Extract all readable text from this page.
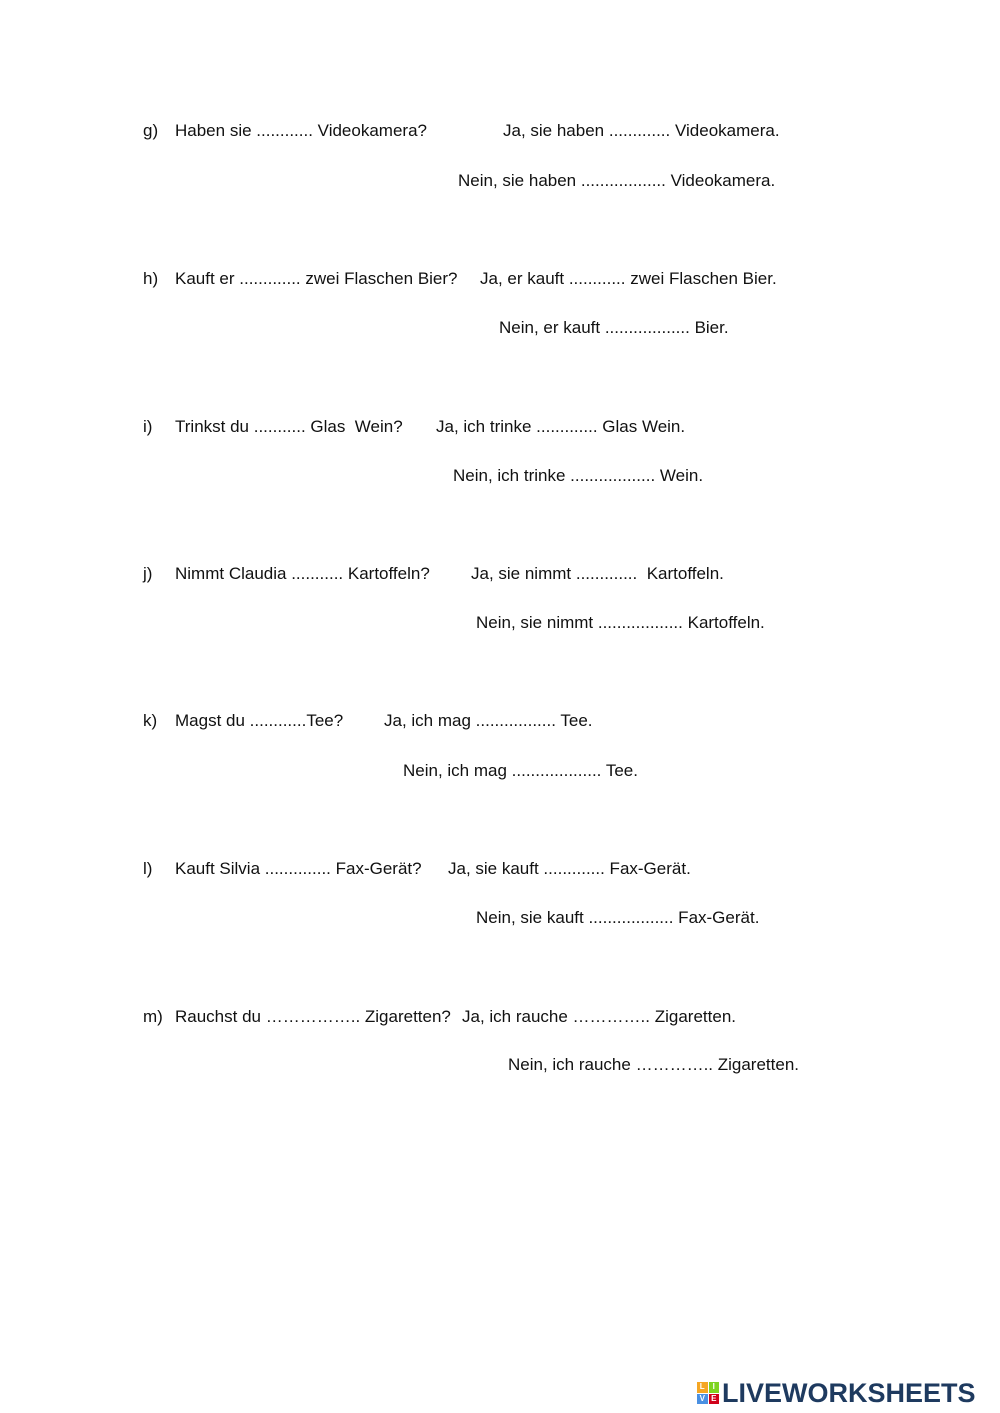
g) Haben sie ............ Videokamera?	Ja, sie haben ............. Videokamera.
Nein, sie haben .................. Videokamera.
h) Kauft er ............. zwei Flaschen Bier? Ja, er kauft ............ zwei Flaschen Bier.
Nein, er kauft .................. Bier.
i) Trinkst du ........... Glas  Wein? Ja, ich trinke ............. Glas Wein.
Nein, ich trinke .................. Wein.
j) Nimmt Claudia ........... Kartoffeln? Ja, sie nimmt .............  Kartoffeln.
Nein, sie nimmt .................. Kartoffeln.
k) Magst du ............Tee? Ja, ich mag ................. Tee.
Nein, ich mag ................... Tee.
l) Kauft Silvia .............. Fax-Gerät? Ja, sie kauft ............. Fax-Gerät.
Nein, sie kauft .................. Fax-Gerät.
m) Rauchst du …………….. Zigaretten? Ja, ich rauche ………….. Zigaretten.
Nein, ich rauche ………….. Zigaretten.
L I
V E LIVEWORKSHEETS
